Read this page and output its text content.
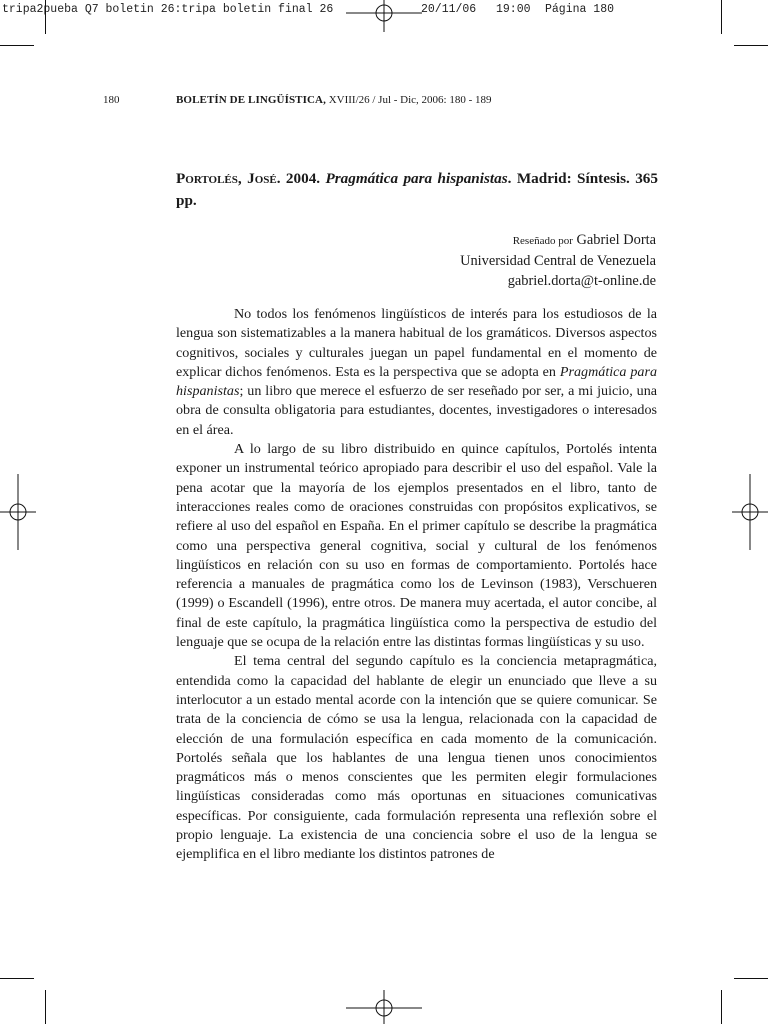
tripa2pueba Q7 boletin 26:tripa boletin final 26

	20/11/06

19:00

Página 180

180	BOLETÍN DE LINGÜÍSTICA, XVIII/26 / Jul - Dic, 2006: 180 - 189
Portolés, José. 2004. Pragmática para hispanistas. Madrid: Síntesis. 365 pp.
Reseñado por Gabriel Dorta
Universidad Central de Venezuela
gabriel.dorta@t-online.de

No todos los fenómenos lingüísticos de interés para los estudiosos de la lengua son sistematizables a la manera habitual de los gramáticos. Diversos aspectos cognitivos, sociales y culturales juegan un papel fundamental en el momento de explicar dichos fenómenos. Esta es la perspectiva que se adopta en Pragmática para hispanistas; un libro que merece el esfuerzo de ser reseñado por ser, a mi juicio, una obra de consulta obligatoria para estudiantes, docentes, investigadores o interesados en el área.

A lo largo de su libro distribuido en quince capítulos, Portolés intenta exponer un instrumental teórico apropiado para describir el uso del español. Vale la pena acotar que la mayoría de los ejemplos presentados en el libro, tanto de interacciones reales como de oraciones construidas con propósitos explicativos, se refiere al uso del español en España. En el primer capítulo se describe la pragmática como una perspectiva general cognitiva, social y cultural de los fenómenos lingüísticos en relación con su uso en formas de comportamiento. Portolés hace referencia a manuales de pragmática como los de Levinson (1983), Verschueren (1999) o Escandell (1996), entre otros. De manera muy acertada, el autor concibe, al final de este capítulo, la pragmática lingüística como la perspectiva de estudio del lenguaje que se ocupa de la relación entre las distintas formas lingüísticas y su uso.

El tema central del segundo capítulo es la conciencia metapragmática, entendida como la capacidad del hablante de elegir un enunciado que lleve a su interlocutor a un estado mental acorde con la intención que se quiere comunicar. Se trata de la conciencia de cómo se usa la lengua, relacionada con la capacidad de elección de una formulación específica en cada momento de la comunicación. Portolés señala que los hablantes de una lengua tienen unos conocimientos pragmáticos más o menos conscientes que les permiten elegir formulaciones lingüísticas consideradas como más oportunas en situaciones comunicativas específicas. Por consiguiente, cada formulación representa una reflexión sobre el propio lenguaje. La existencia de una conciencia sobre el uso de la lengua se ejemplifica en el libro mediante los distintos patrones de
